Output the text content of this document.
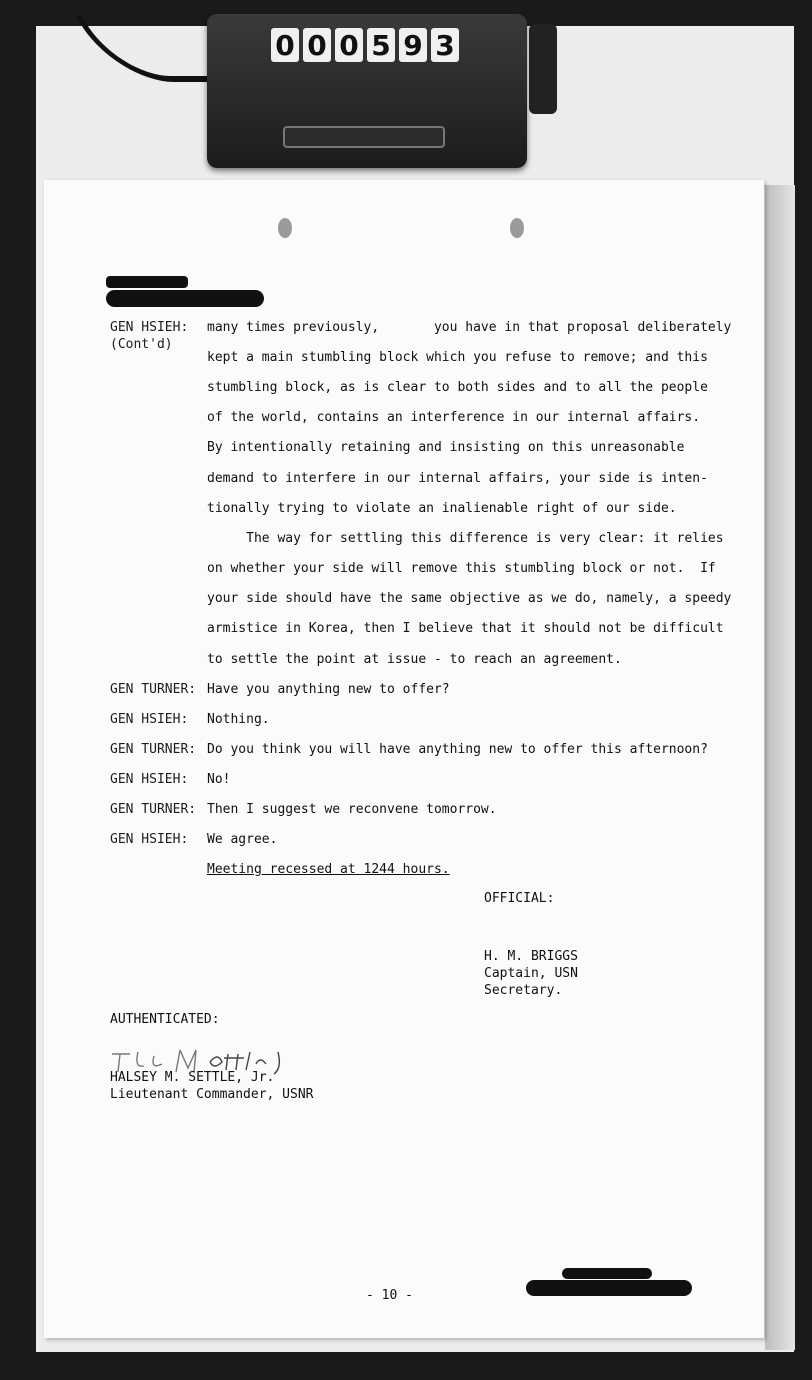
0 0 0 5 9 3
GEN HSIEH:
(Cont'd)
many times previously,       you have in that proposal deliberately
kept a main stumbling block which you refuse to remove; and this
stumbling block, as is clear to both sides and to all the people
of the world, contains an interference in our internal affairs.
By intentionally retaining and insisting on this unreasonable
demand to interfere in our internal affairs, your side is inten-
tionally trying to violate an inalienable right of our side.
The way for settling this difference is very clear: it relies
on whether your side will remove this stumbling block or not.  If
your side should have the same objective as we do, namely, a speedy
armistice in Korea, then I believe that it should not be difficult
to settle the point at issue - to reach an agreement.
GEN TURNER: Have you anything new to offer?
GEN HSIEH: Nothing.
GEN TURNER: Do you think you will have anything new to offer this afternoon?
GEN HSIEH: No!
GEN TURNER: Then I suggest we reconvene tomorrow.
GEN HSIEH: We agree.
Meeting recessed at 1244 hours.
OFFICIAL:
H. M. BRIGGS
Captain, USN
Secretary.
AUTHENTICATED:
HALSEY M. SETTLE, Jr.
Lieutenant Commander, USNR
- 10 -
